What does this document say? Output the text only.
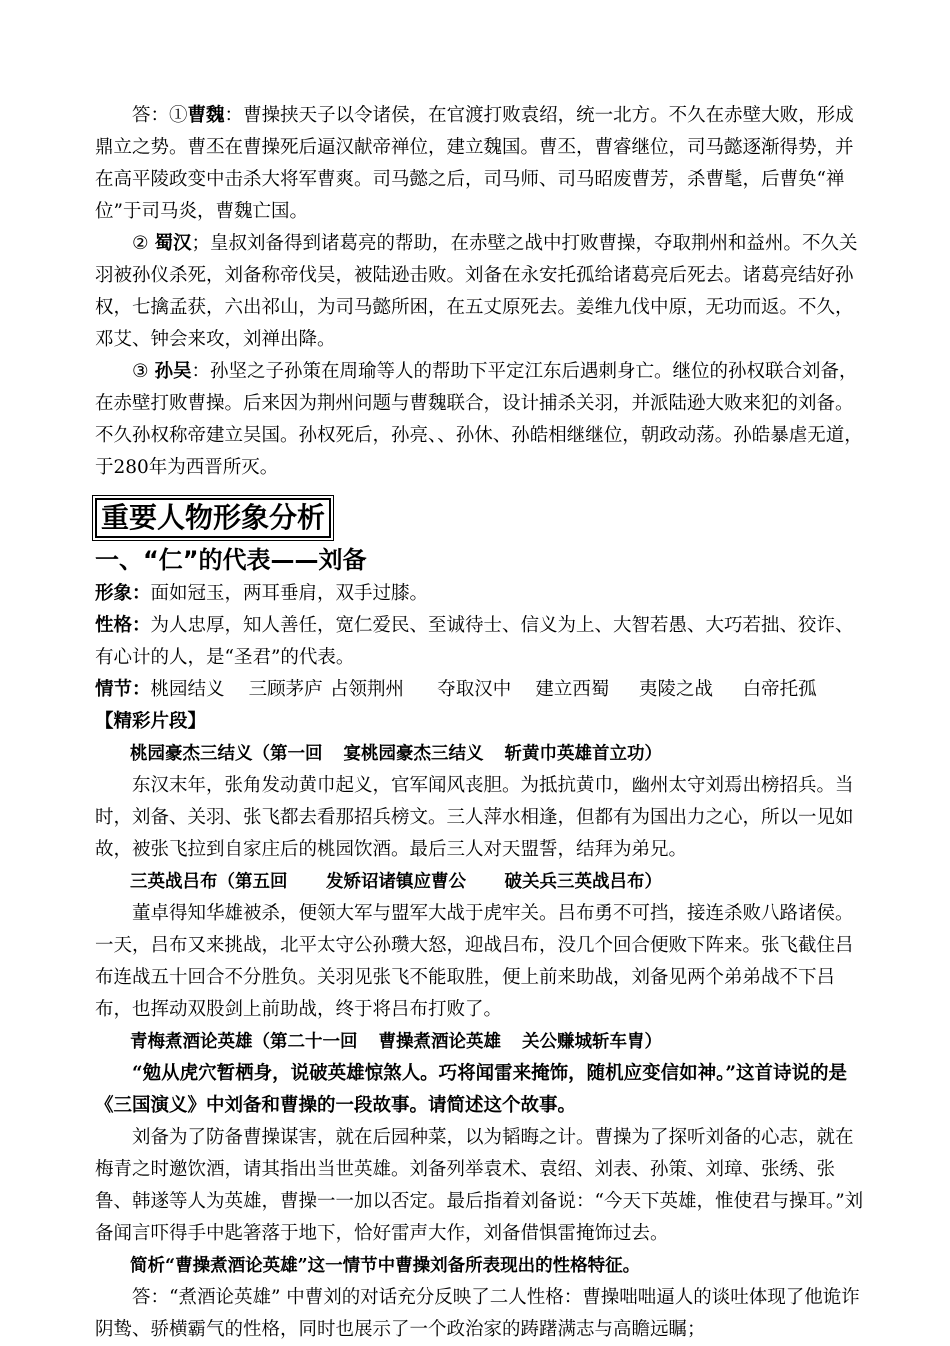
答：①曹魏：曹操挟天子以令诸侯，在官渡打败袁绍，统一北方。不久在赤壁大败，形成鼎立之势。曹丕在曹操死后逼汉献帝禅位，建立魏国。曹丕，曹睿继位，司马懿逐渐得势，并在高平陵政变中击杀大将军曹爽。司马懿之后，司马师、司马昭废曹芳，杀曹髦，后曹奂“禅位”于司马炎，曹魏亡国。

② 蜀汉；皇叔刘备得到诸葛亮的帮助，在赤壁之战中打败曹操，夺取荆州和益州。不久关羽被孙仪杀死，刘备称帝伐吴，被陆逊击败。刘备在永安托孤给诸葛亮后死去。诸葛亮结好孙权，七擒孟获，六出祁山，为司马懿所困，在五丈原死去。姜维九伐中原，无功而返。不久，邓艾、钟会来攻，刘禅出降。

③ 孙吴：孙坚之子孙策在周瑜等人的帮助下平定江东后遇刺身亡。继位的孙权联合刘备，在赤壁打败曹操。后来因为荆州问题与曹魏联合，设计捕杀关羽，并派陆逊大败来犯的刘备。不久孙权称帝建立吴国。孙权死后，孙亮、、孙休、孙皓相继继位，朝政动荡。孙皓暴虐无道，于280年为西晋所灭。

重要人物形象分析
一、“仁”的代表——刘备

形象：面如冠玉，两耳垂肩，双手过膝。

性格：为人忠厚，知人善任，宽仁爱民、至诚待士、信义为上、大智若愚、大巧若拙、狡诈、有心计的人，是“圣君”的代表。

情节：桃园结义 三顾茅庐 占领荆州 夺取汉中 建立西蜀 夷陵之战 白帝托孤

【精彩片段】

桃园豪杰三结义（第一回 宴桃园豪杰三结义 斩黄巾英雄首立功）

东汉末年，张角发动黄巾起义，官军闻风丧胆。为抵抗黄巾，幽州太守刘焉出榜招兵。当时，刘备、关羽、张飞都去看那招兵榜文。三人萍水相逢，但都有为国出力之心，所以一见如故，被张飞拉到自家庄后的桃园饮酒。最后三人对天盟誓，结拜为弟兄。

三英战吕布（第五回 发矫诏诸镇应曹公 破关兵三英战吕布）

董卓得知华雄被杀，便领大军与盟军大战于虎牢关。吕布勇不可挡，接连杀败八路诸侯。一天，吕布又来挑战，北平太守公孙瓒大怒，迎战吕布，没几个回合便败下阵来。张飞截住吕布连战五十回合不分胜负。关羽见张飞不能取胜，便上前来助战，刘备见两个弟弟战不下吕布，也挥动双股剑上前助战，终于将吕布打败了。

青梅煮酒论英雄（第二十一回 曹操煮酒论英雄 关公赚城斩车胄）

“勉从虎穴暂栖身，说破英雄惊煞人。巧将闻雷来掩饰，随机应变信如神。”这首诗说的是《三国演义》中刘备和曹操的一段故事。请简述这个故事。

刘备为了防备曹操谋害，就在后园种菜，以为韬晦之计。曹操为了探听刘备的心志，就在梅青之时邀饮酒，请其指出当世英雄。刘备列举袁术、袁绍、刘表、孙策、刘璋、张绣、张鲁、韩遂等人为英雄，曹操一一加以否定。最后指着刘备说：“今天下英雄，惟使君与操耳。”刘备闻言吓得手中匙箸落于地下，恰好雷声大作，刘备借惧雷掩饰过去。

简析“曹操煮酒论英雄”这一情节中曹操刘备所表现出的性格特征。

答：“煮酒论英雄” 中曹刘的对话充分反映了二人性格：曹操咄咄逼人的谈吐体现了他诡诈阴鸷、骄横霸气的性格，同时也展示了一个政治家的踌躇满志与高瞻远瞩；
